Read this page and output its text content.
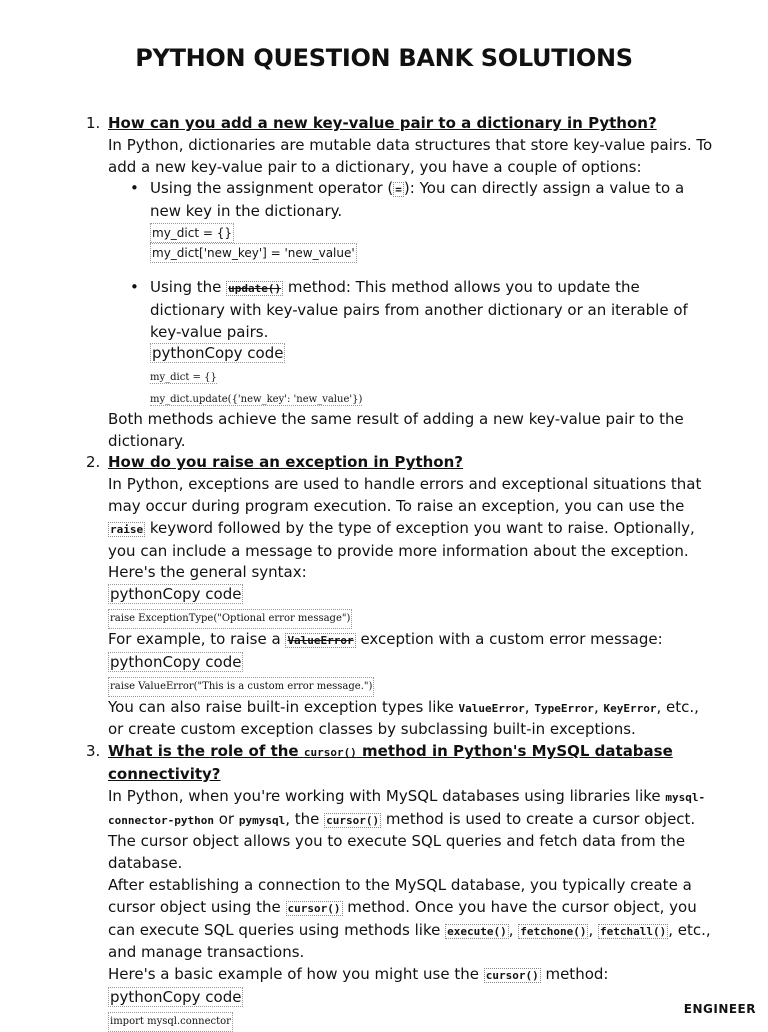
PYTHON QUESTION BANK SOLUTIONS
1. How can you add a new key-value pair to a dictionary in Python?

In Python, dictionaries are mutable data structures that store key-value pairs. To add a new key-value pair to a dictionary, you have a couple of options:

• Using the assignment operator ( = ): You can directly assign a value to a new key in the dictionary.
my_dict = {}
my_dict['new_key'] = 'new_value'
• Using the update() method: This method allows you to update the dictionary with key-value pairs from another dictionary or an iterable of key-value pairs.
pythonCopy code
my_dict = {}
my_dict.update({'new_key': 'new_value'})

Both methods achieve the same result of adding a new key-value pair to the dictionary.

2. How do you raise an exception in Python?

In Python, exceptions are used to handle errors and exceptional situations that may occur during program execution. To raise an exception, you can use the raise keyword followed by the type of exception you want to raise. Optionally, you can include a message to provide more information about the exception. Here's the general syntax:

pythonCopy code
raise ExceptionType("Optional error message")

For example, to raise a ValueError exception with a custom error message:

pythonCopy code
raise ValueError("This is a custom error message.")

You can also raise built-in exception types like ValueError, TypeError, KeyError, etc., or create custom exception classes by subclassing built-in exceptions.

3. What is the role of the cursor() method in Python's MySQL database connectivity?

In Python, when you're working with MySQL databases using libraries like mysql-connector-python or pymysql, the cursor() method is used to create a cursor object. The cursor object allows you to execute SQL queries and fetch data from the database.

After establishing a connection to the MySQL database, you typically create a cursor object using the cursor() method. Once you have the cursor object, you can execute SQL queries using methods like execute() , fetchone() , fetchall() , etc., and manage transactions.

Here's a basic example of how you might use the cursor() method:

pythonCopy code
import mysql.connector
ENGINEER
